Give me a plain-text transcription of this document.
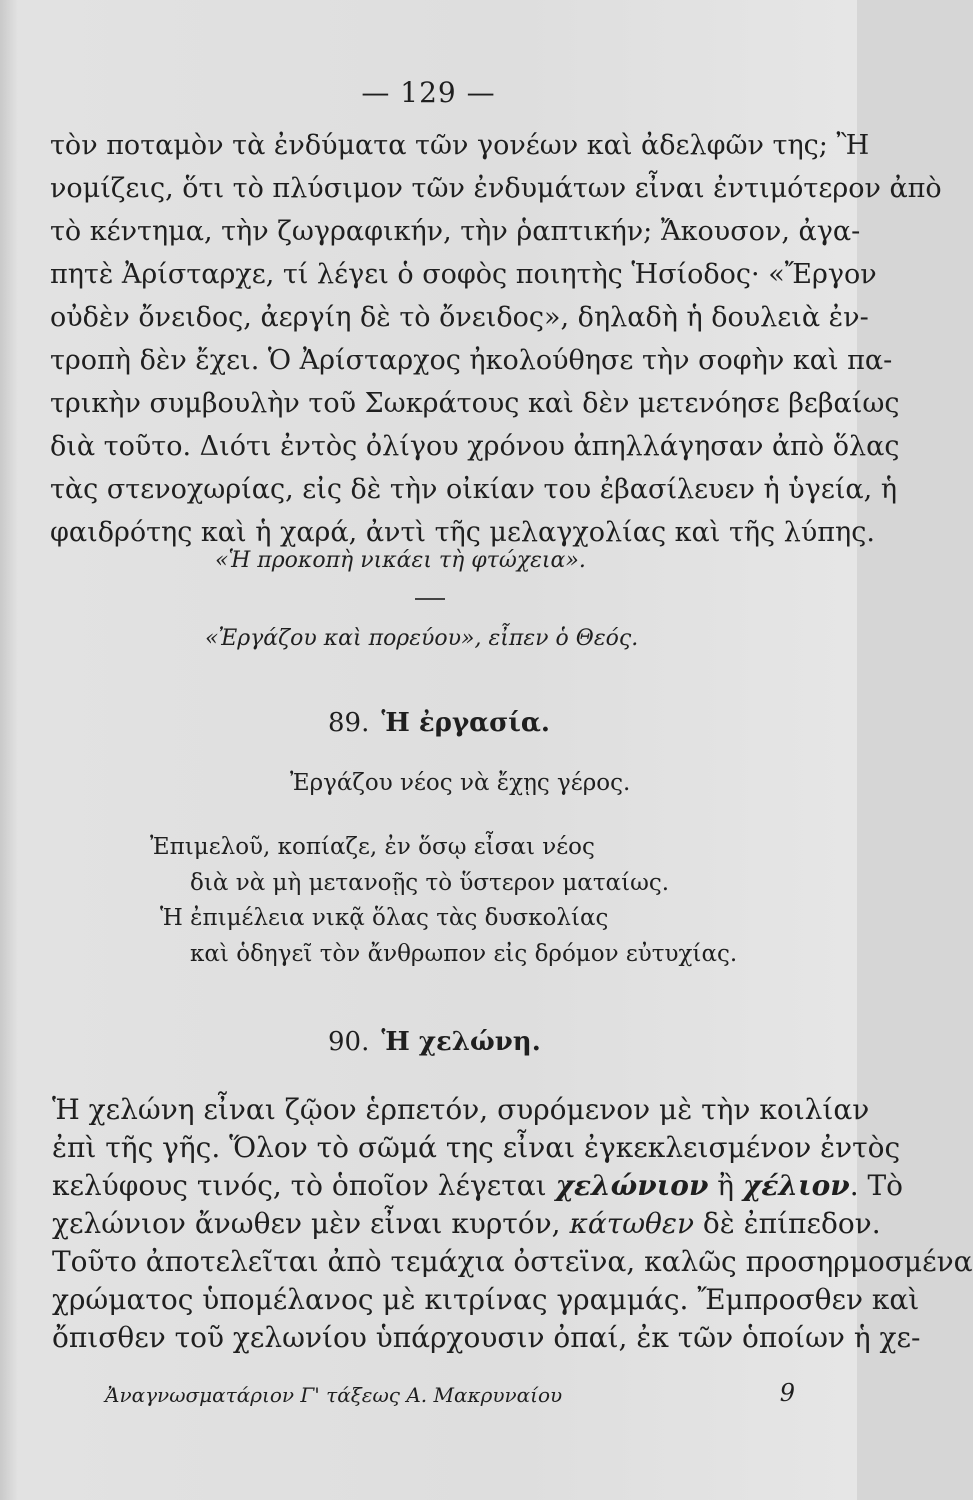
— 129 —
τὸν ποταμὸν τὰ ἐνδύματα τῶν γονέων καὶ ἀδελφῶν της; Ἢ
νομίζεις, ὅτι τὸ πλύσιμον τῶν ἐνδυμάτων εἶναι ἐντιμότερον ἀπὸ
τὸ κέντημα, τὴν ζωγραφικήν, τὴν ῥαπτικήν; Ἄκουσον, ἀγα-
πητὲ Ἀρίσταρχε, τί λέγει ὁ σοφὸς ποιητὴς Ἡσίοδος· «Ἔργον
οὐδὲν ὄνειδος, ἀεργίη δὲ τὸ ὄνειδος», δηλαδὴ ἡ δουλειὰ ἐν-
τροπὴ δὲν ἔχει. Ὁ Ἀρίσταρχος ἠκολούθησε τὴν σοφὴν καὶ πα-
τρικὴν συμβουλὴν τοῦ Σωκράτους καὶ δὲν μετενόησε βεβαίως
διὰ τοῦτο. Διότι ἐντὸς ὀλίγου χρόνου ἀπηλλάγησαν ἀπὸ ὅλας
τὰς στενοχωρίας, εἰς δὲ τὴν οἰκίαν του ἐβασίλευεν ἡ ὑγεία, ἡ
φαιδρότης καὶ ἡ χαρά, ἀντὶ τῆς μελαγχολίας καὶ τῆς λύπης.
«Ἡ προκοπὴ νικάει τὴ φτώχεια».
«Ἐργάζου καὶ πορεύου», εἶπεν ὁ Θεός.
89. Ἡ ἐργασία.
Ἐργάζου νέος νὰ ἔχῃς γέρος.
Ἐπιμελοῦ, κοπίαζε, ἐν ὅσῳ εἶσαι νέος
διὰ νὰ μὴ μετανοῇς τὸ ὕστερον ματαίως.
Ἡ ἐπιμέλεια νικᾷ ὅλας τὰς δυσκολίας
καὶ ὁδηγεῖ τὸν ἄνθρωπον εἰς δρόμον εὐτυχίας.
90. Ἡ χελώνη.
Ἡ χελώνη εἶναι ζῷον ἑρπετόν, συρόμενον μὲ τὴν κοιλίαν
ἐπὶ τῆς γῆς. Ὅλον τὸ σῶμά της εἶναι ἐγκεκλεισμένον ἐντὸς
κελύφους τινός, τὸ ὁποῖον λέγεται χελώνιον ἢ χέλιον. Τὸ
χελώνιον ἄνωθεν μὲν εἶναι κυρτόν, κάτωθεν δὲ ἐπίπεδον.
Τοῦτο ἀποτελεῖται ἀπὸ τεμάχια ὀστεϊνα, καλῶς προσηρμοσμένα
χρώματος ὑπομέλανος μὲ κιτρίνας γραμμάς. Ἔμπροσθεν καὶ
ὄπισθεν τοῦ χελωνίου ὑπάρχουσιν ὀπαί, ἐκ τῶν ὁποίων ἡ χε-
Ἀναγνωσματάριον Γ' τάξεως Α. Μακρυναίου	9
